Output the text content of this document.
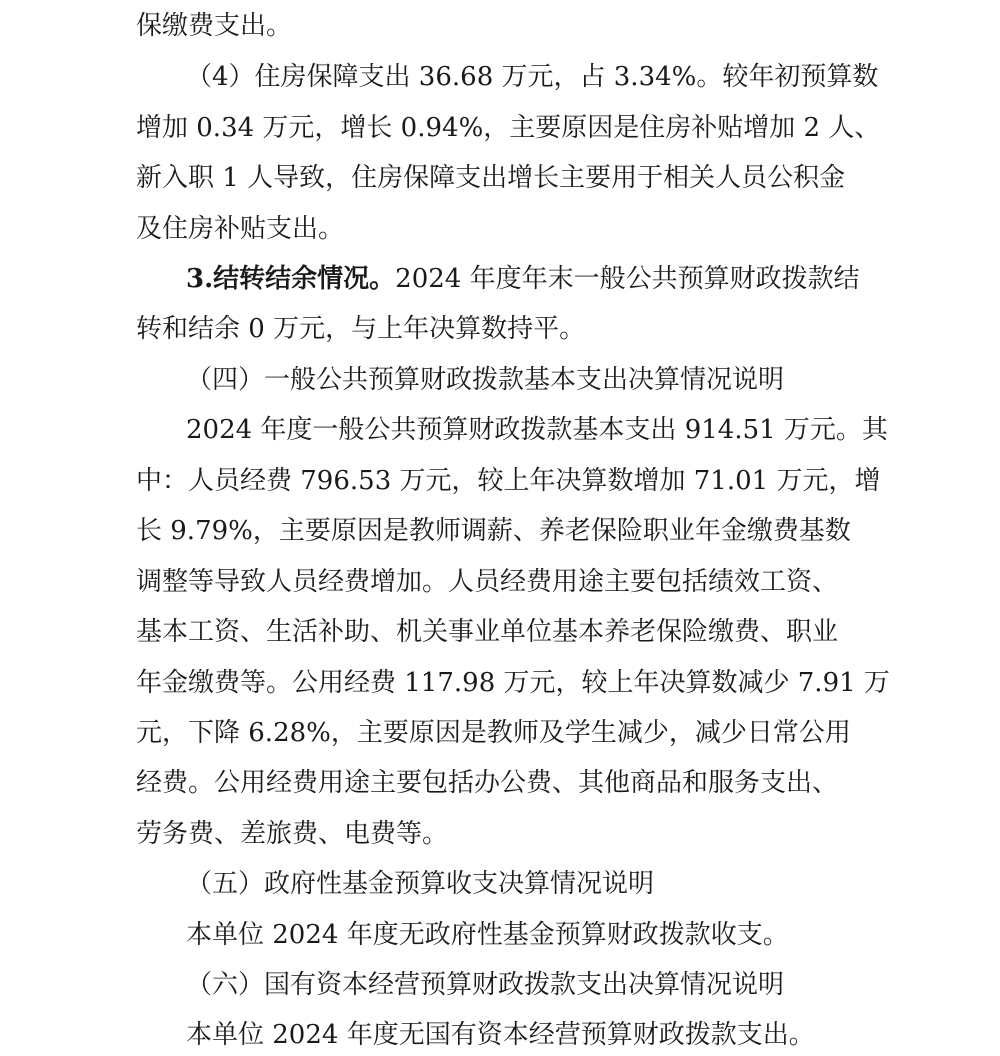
保缴费支出。
（4）住房保障支出 36.68 万元，占 3.34%。较年初预算数
增加 0.34 万元，增长 0.94%，主要原因是住房补贴增加 2 人、
新入职 1 人导致，住房保障支出增长主要用于相关人员公积金
及住房补贴支出。
3.结转结余情况。2024 年度年末一般公共预算财政拨款结
转和结余 0 万元，与上年决算数持平。
（四）一般公共预算财政拨款基本支出决算情况说明
2024 年度一般公共预算财政拨款基本支出 914.51 万元。其
中：人员经费 796.53 万元，较上年决算数增加 71.01 万元，增
长 9.79%，主要原因是教师调薪、养老保险职业年金缴费基数
调整等导致人员经费增加。人员经费用途主要包括绩效工资、
基本工资、生活补助、机关事业单位基本养老保险缴费、职业
年金缴费等。公用经费 117.98 万元，较上年决算数减少 7.91 万
元，下降 6.28%，主要原因是教师及学生减少，减少日常公用
经费。公用经费用途主要包括办公费、其他商品和服务支出、
劳务费、差旅费、电费等。
（五）政府性基金预算收支决算情况说明
本单位 2024 年度无政府性基金预算财政拨款收支。
（六）国有资本经营预算财政拨款支出决算情况说明
本单位 2024 年度无国有资本经营预算财政拨款支出。
